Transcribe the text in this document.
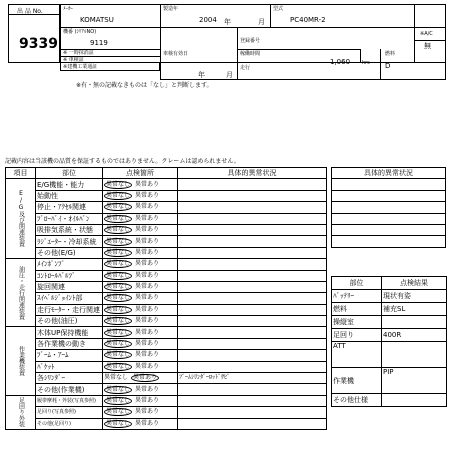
出 品 No.
9339
ﾒｰｶｰ
KOMATSU
製造年
2004 年	月
型式
PC40MR-2
機番 (ｼﾘｱﾙNO)
9119	登録番号
※A/C
無
※ 一時抹消証
※ 車検証
※建機工業通証
車検有効日
年	月
稼働時間
1,060 hrs
走行
燃料
D
※有・無の記載なきものは「なし」と判断します。
記載内容は当該機の品質を保証するものではありません。クレームは認められません。
項目	部位	点検箇所	具体的異常状況
E/G及び関連装置	E/G機能・能力	異常なし 異常あり	
	始動性	異常なし 異常あり	
	停止・ｱｸｾﾙ関連	異常なし 異常あり	
	ﾌﾞﾛｰﾊﾞｲ・ｵｲﾙﾊﾞﾝ	異常なし 異常あり	
	吸排気系統・状態	異常なし 異常あり	
	ﾗｼﾞｴｰﾀｰ・冷却系統	異常なし 異常あり	
	その他(E/G)	異常なし 異常あり	
油圧・走行関連装置	ﾒｲﾝﾎﾟﾝﾌﾟ	異常なし 異常あり	
	ｺﾝﾄﾛｰﾙﾊﾞﾙﾌﾞ	異常なし 異常あり	
	旋回関連	異常なし 異常あり	
	ｽｲﾍﾞﾙｼﾞｮｲﾝﾄ部	異常なし 異常あり	
	走行ﾓｰﾀｰ・走行関連	異常なし 異常あり	
	その他(油圧)	異常なし 異常あり	
作業機装置	木体UP保持機能	異常なし 異常あり	
	各作業機の動き	異常なし 異常あり	
	ﾌﾞｰﾑ・ｱｰﾑ	異常なし 異常あり	
	ﾊﾞｹｯﾄ	異常なし 異常あり	
	各ｼﾘﾝﾀﾞｰ	異常なし 異常あり	ﾌﾞｰﾑｼﾘﾝﾀﾞｰﾛｯﾄﾞｻﾋﾞ
	その他(作業機)	異常なし 異常あり	
足回り外装	履帯摩耗・外装(写真参照)	異常なし 異常あり	
	足回り(写真参照)	異常なし 異常あり	
	その他(足回り)	異常なし 異常あり	
具体的異常状況

部位	点検結果
ﾊﾞｯﾃﾘｰ	現状有姿
燃料	補充SL
操縦室	
足回り	400R
ATT	
作業機	PIP
その他仕様	
